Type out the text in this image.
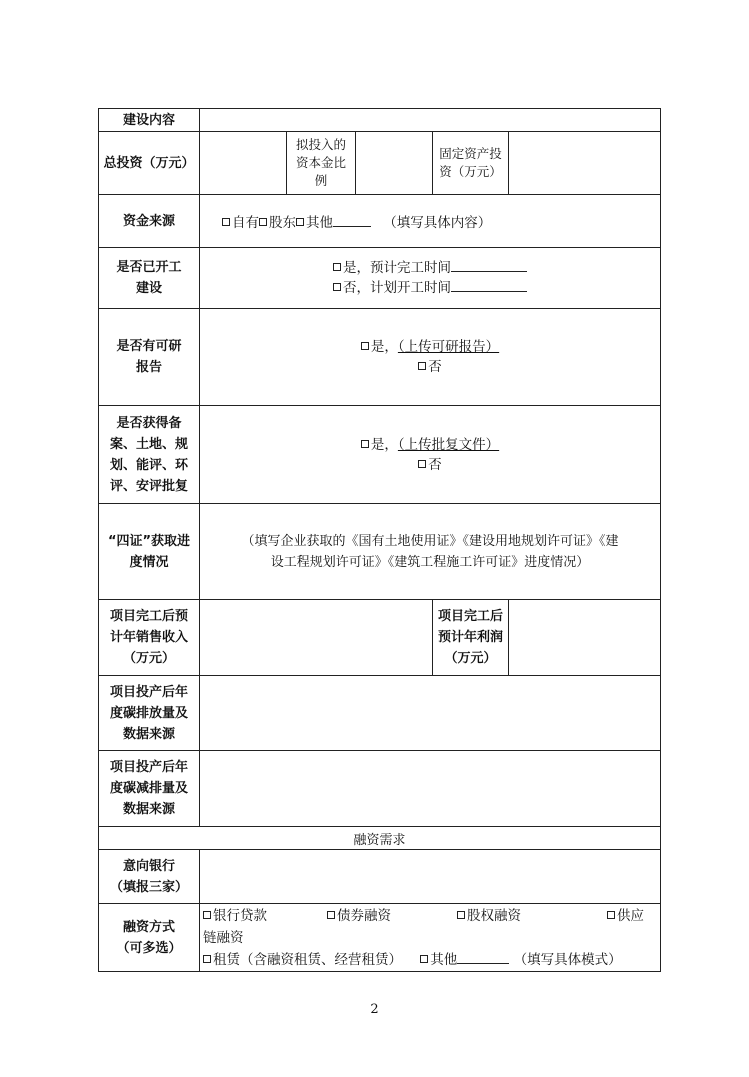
建设内容					
总投资（万元）		拟投入的
资本金比
例		固定资产投
资（万元）	

资金来源	自有 股东 其他 （填写具体内容）				

是否已开工
建设	是，预计完工时间
否，计划开工时间				

是否有可研
报告	是，（上传可研报告）
否				

是否获得备
案、土地、规
划、能评、环
评、安评批复	是，（上传批复文件）
否				

“四证”获取进
度情况	（填写企业获取的《国有土地使用证》《建设用地规划许可证》《建
设工程规划许可证》《建筑工程施工许可证》进度情况）				

项目完工后预
计年销售收入
（万元）				项目完工后
预计年利润
（万元）	

项目投产后年
度碳排放量及
数据来源					

项目投产后年
度碳减排量及
数据来源					

融资需求					

意向银行
（填报三家）					

融资方式
（可多选）	银行贷款 债券融资 股权融资 供应链融资
租赁（含融资租赁、经营租赁） 其他 （填写具体模式）				
2
